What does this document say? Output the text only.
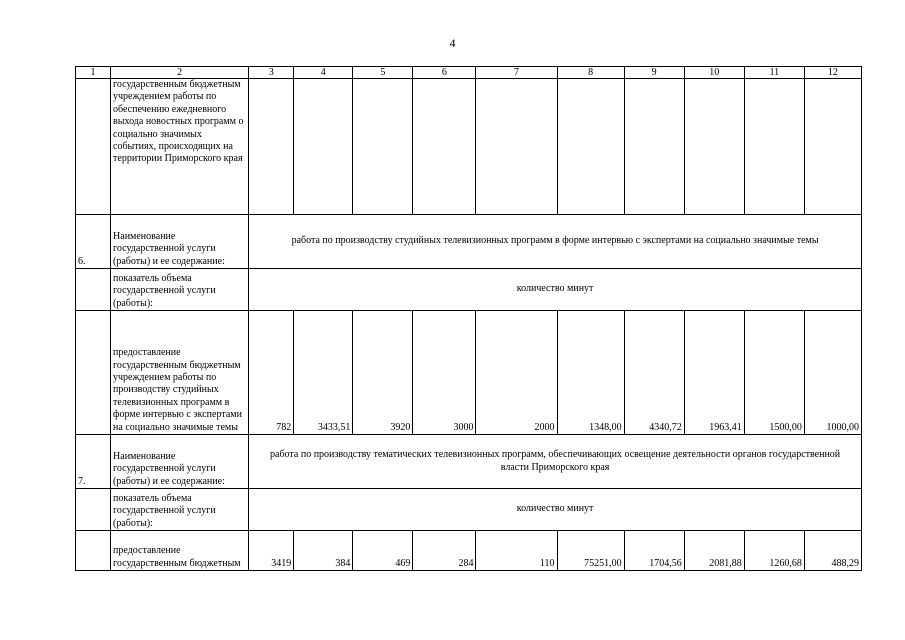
4
1	2	3	4	5	6	7	8	9	10	11	12
	государственным бюджетным учреждением работы по обеспечению ежедневного выхода новостных программ о социально значимых событиях, происходящих на территории Приморского края										
6.	Наименование государственной услуги (работы) и ее содержание:	работа по производству студийных телевизионных программ в форме интервью с экспертами на социально значимые темы									
	показатель объема государственной услуги (работы):	количество минут									
	предоставление государственным бюджетным учреждением работы по производству студийных телевизионных программ в форме интервью с экспертами на социально значимые темы	782	3433,51	3920	3000	2000	1348,00	4340,72	1963,41	1500,00	1000,00
7.	Наименование государственной услуги (работы) и ее содержание:	работа по производству тематических телевизионных программ, обеспечивающих освещение деятельности органов государственной власти Приморского края									
	показатель объема государственной услуги (работы):	количество минут									
	предоставление государственным бюджетным	3419	384	469	284	110	75251,00	1704,56	2081,88	1260,68	488,29
